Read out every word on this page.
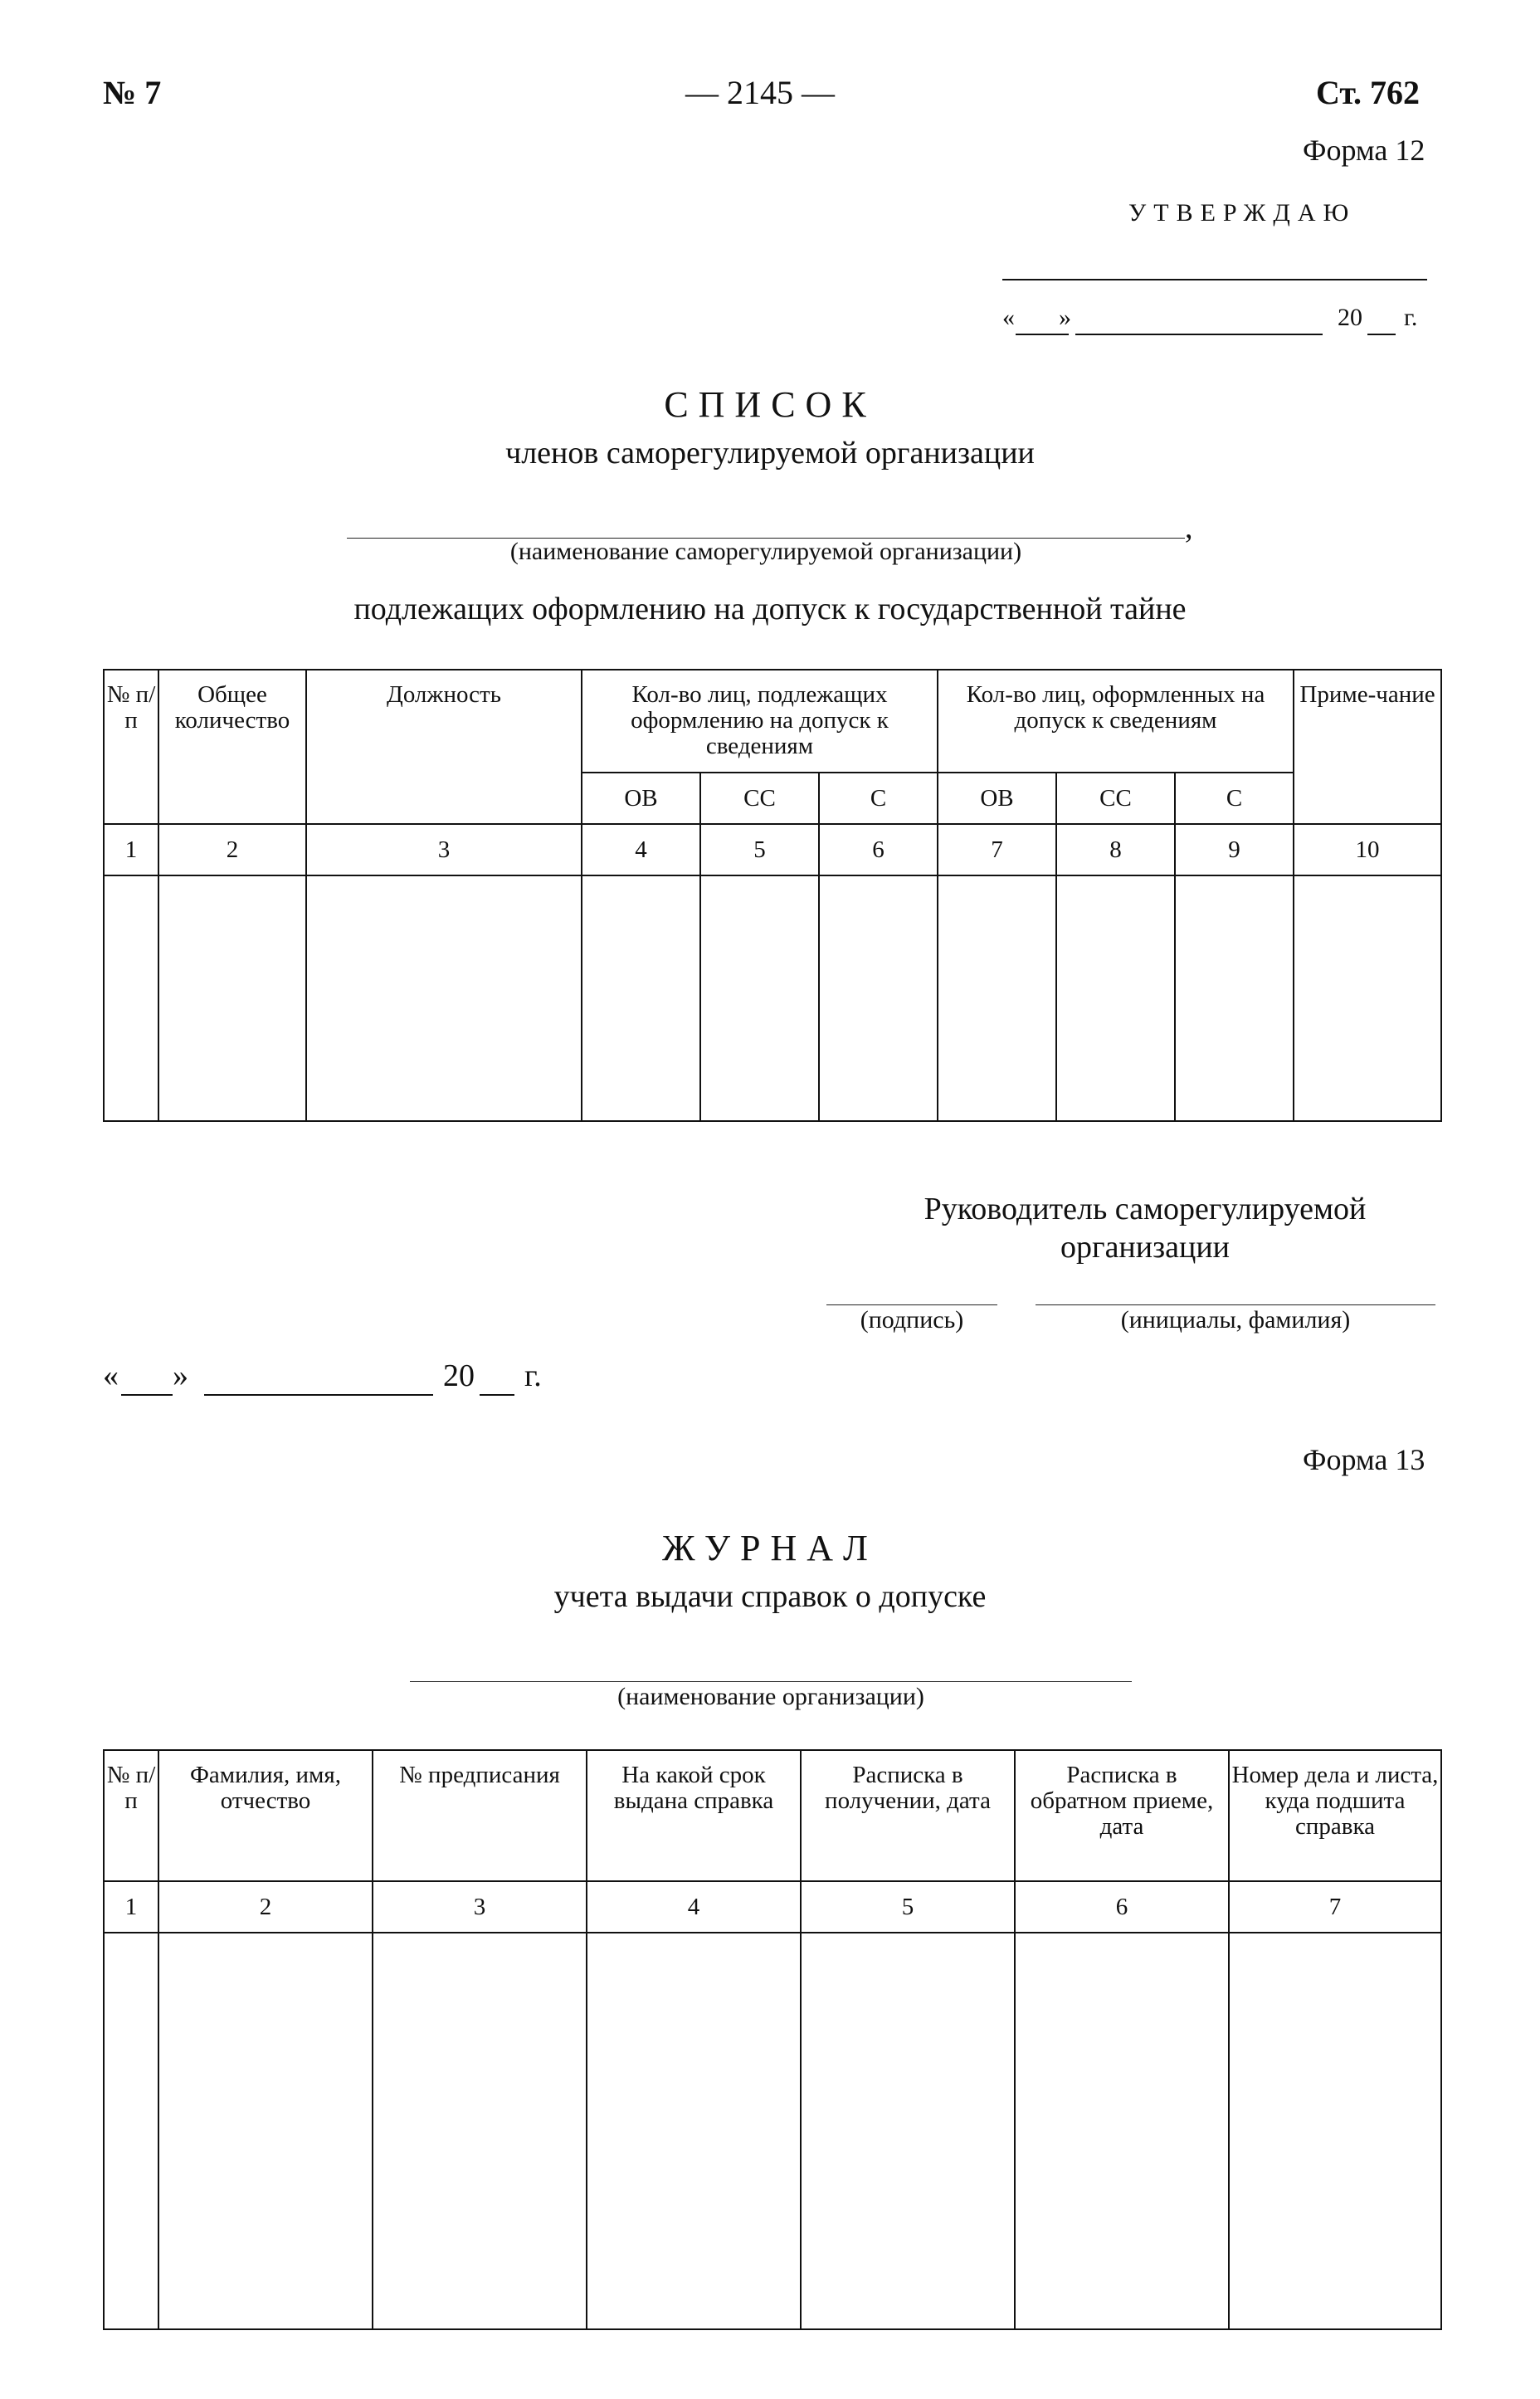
№ 7	— 2145 —	Ст. 762
Форма 12
УТВЕРЖДАЮ
« »	20 г.
СПИСОК
членов саморегулируемой организации
,
(наименование саморегулируемой организации)
подлежащих оформлению на допуск к государственной тайне
№ п/п	Общее количество	Должность	Кол-во лиц, подлежащих оформлению на допуск к сведениям			Кол-во лиц, оформленных на допуск к сведениям			Приме-чание

			ОВ	СС	С	ОВ	СС	С	
1	2	3	4	5	6	7	8	9	10

Руководитель саморегулируемой организации
(подпись)	(инициалы, фамилия)
« »	20 г.
Форма 13
ЖУРНАЛ
учета выдачи справок о допуске
(наименование организации)
№ п/п	Фамилия, имя, отчество	№ предписания	На какой срок выдана справка	Расписка в получении, дата	Расписка в обратном приеме, дата	Номер дела и листа, куда подшита справка

1	2	3	4	5	6	7
